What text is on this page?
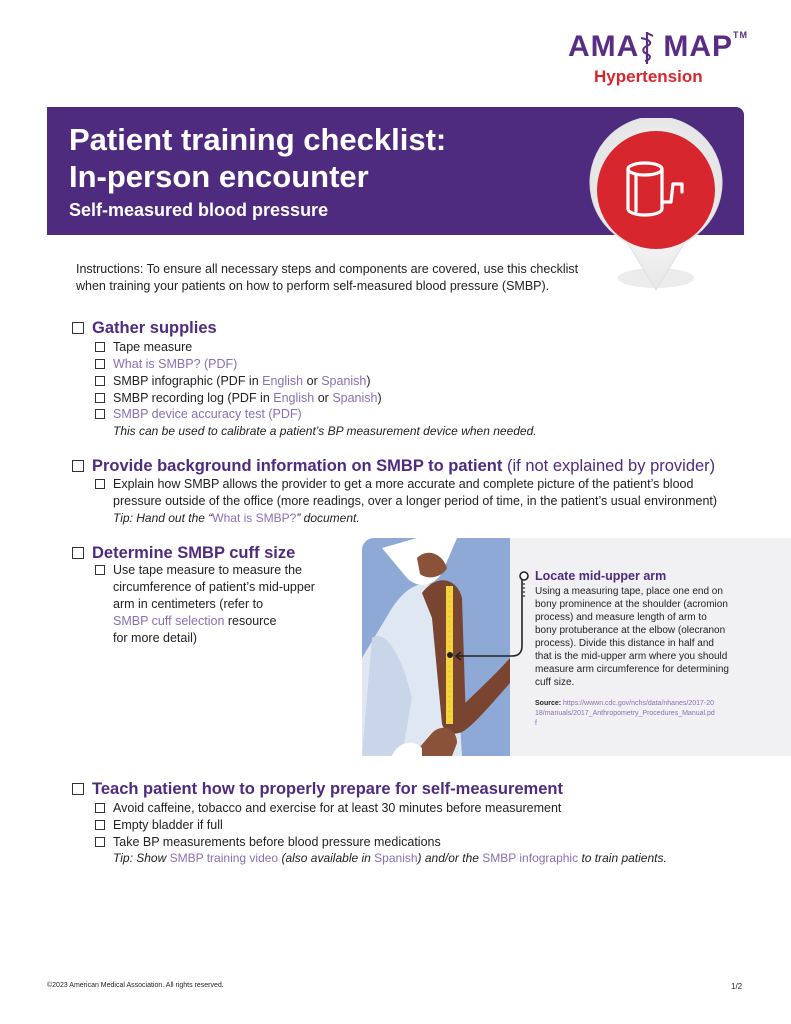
AMA MAP™
Hypertension
Patient training checklist:
In-person encounter
Self-measured blood pressure
Instructions: To ensure all necessary steps and components are covered, use this checklist when training your patients on how to perform self-measured blood pressure (SMBP).
Gather supplies
Tape measure
What is SMBP? (PDF)
SMBP infographic (PDF in English or Spanish)
SMBP recording log (PDF in English or Spanish)
SMBP device accuracy test (PDF)
This can be used to calibrate a patient’s BP measurement device when needed.
Provide background information on SMBP to patient (if not explained by provider)
Explain how SMBP allows the provider to get a more accurate and complete picture of the patient’s blood
pressure outside of the office (more readings, over a longer period of time, in the patient’s usual environment)
Tip: Hand out the “What is SMBP?” document.
Determine SMBP cuff size
Use tape measure to measure the
circumference of patient’s mid-upper
arm in centimeters (refer to
SMBP cuff selection resource
for more detail)
Locate mid-upper arm
Using a measuring tape, place one end on bony prominence at the shoulder (acromion process) and measure length of arm to bony protuberance at the elbow (olecranon process). Divide this distance in half and that is the mid-upper arm where you should measure arm circumference for determining cuff size.
Source: https://wwwn.cdc.gov/nchs/data/nhanes/2017-2018/manuals/2017_Anthropometry_Procedures_Manual.pdf
Teach patient how to properly prepare for self-measurement
Avoid caffeine, tobacco and exercise for at least 30 minutes before measurement
Empty bladder if full
Take BP measurements before blood pressure medications
Tip: Show SMBP training video (also available in Spanish) and/or the SMBP infographic to train patients.
©2023 American Medical Association. All rights reserved.	1/2
